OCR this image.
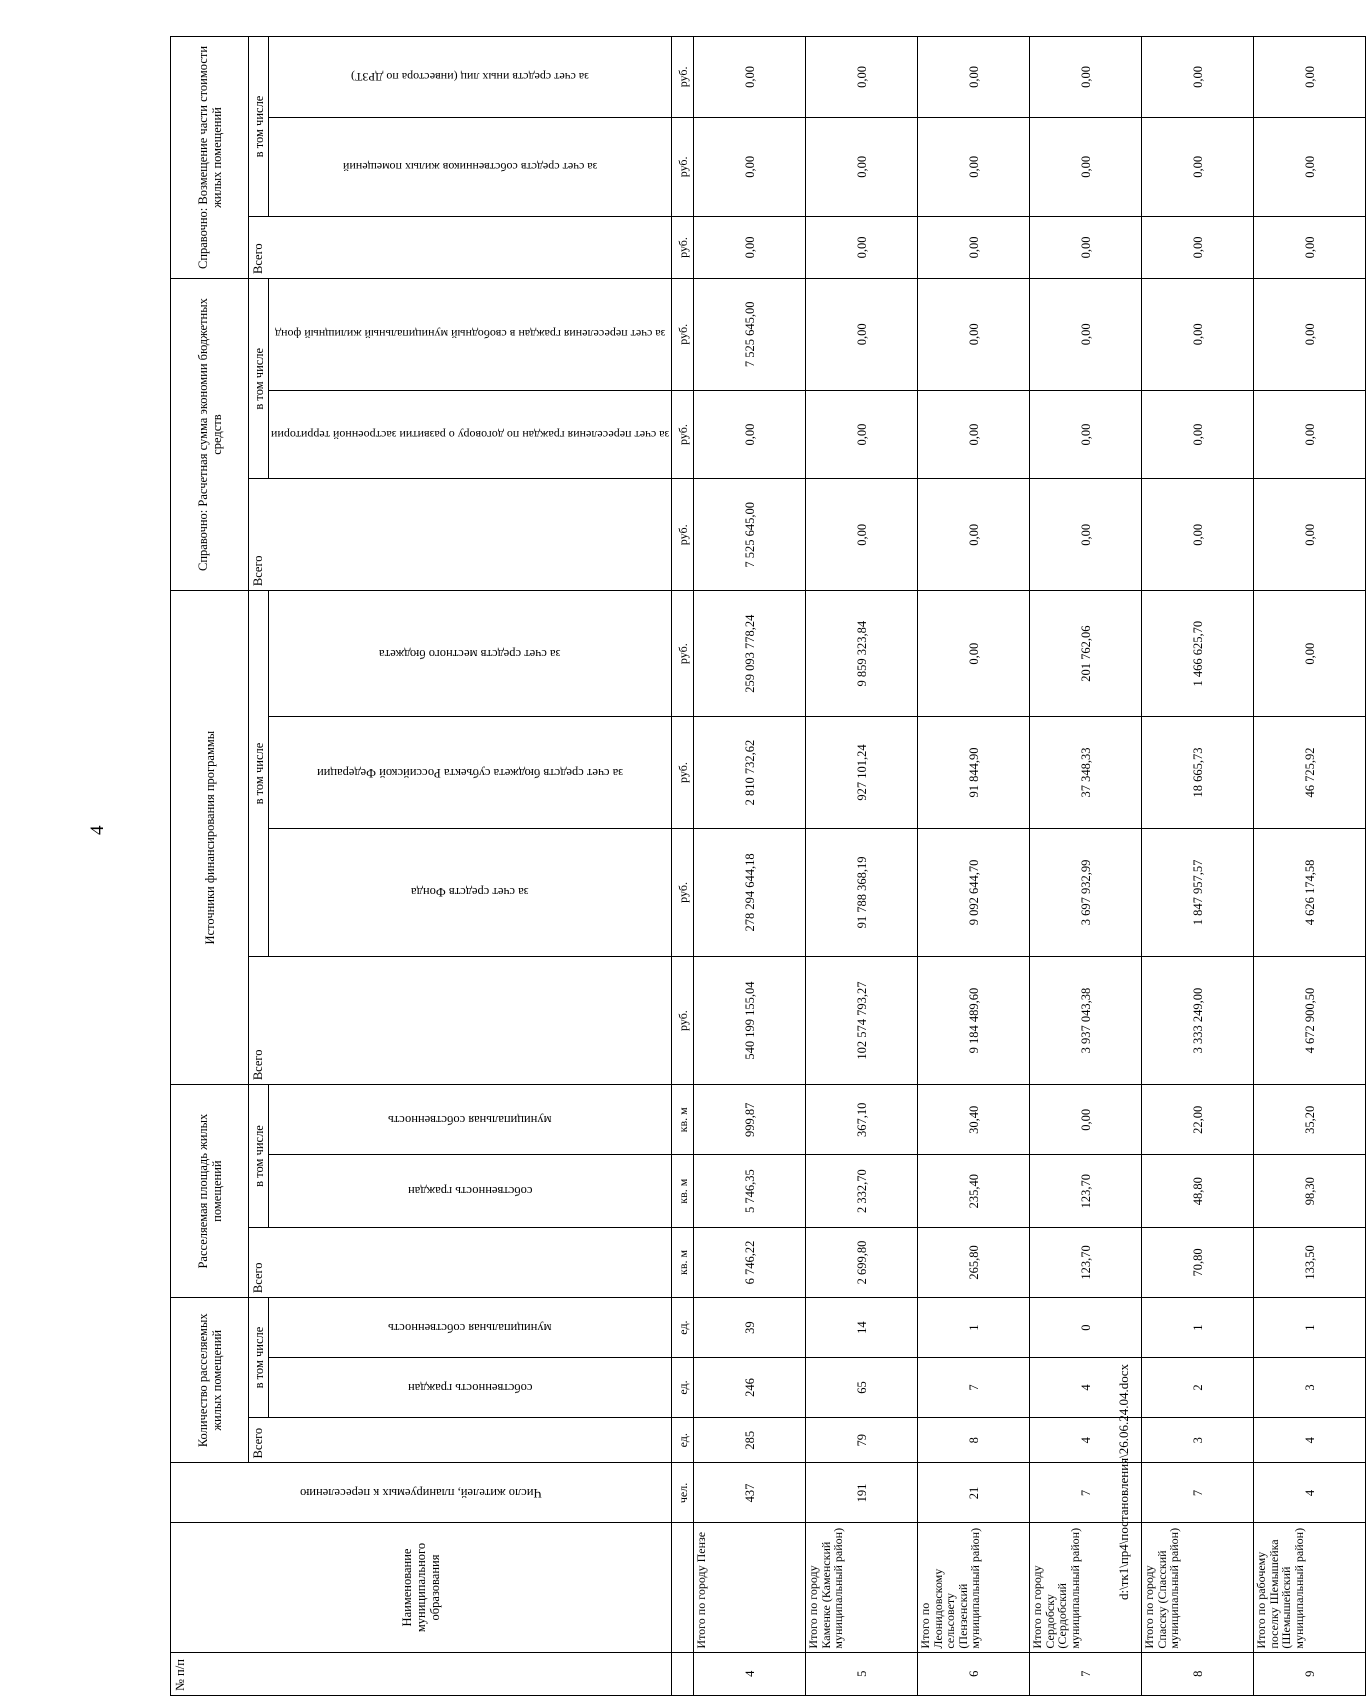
4
№ п/п	Наименование муниципального образования	Число жителей, планируемых к переселению	Количество расселяемых жилых помещений			Расселяемая площадь жилых помещений			Источники финансирования программы				Справочно: Расчетная сумма экономии бюджетных средств			Справочно: Возмещение части стоимости жилых помещений		
			Всего	в том числе		Всего	в том числе		Всего	в том числе			Всего	в том числе		Всего	в том числе	

				собственность граждан	муниципальная собственность		собственность граждан	муниципальная собственность		за счет средств Фонда	за счет средств бюджета субъекта Российской Федерации	за счет средств местного бюджета		за счет переселения граждан по договору о развитии застроенной территории	за счет переселения граждан в свободный муниципальный жилищный фонд		за счет средств собственников жилых помещений	за счет средств иных лиц (инвестора по ДРЗТ)

		чел.	ед.	ед.	ед.	кв. м	кв. м	кв. м	руб.	руб.	руб.	руб.	руб.	руб.	руб.	руб.	руб.	руб.
4	Итого по городу Пензе	437	285	246	39	6 746,22	5 746,35	999,87	540 199 155,04	278 294 644,18	2 810 732,62	259 093 778,24	7 525 645,00	0,00	7 525 645,00	0,00	0,00	0,00
5	Итого по городу Каменке (Каменский муниципальный район)	191	79	65	14	2 699,80	2 332,70	367,10	102 574 793,27	91 788 368,19	927 101,24	9 859 323,84	0,00	0,00	0,00	0,00	0,00	0,00
6	Итого по Леонидовскому сельсовету (Пензенский муниципальный район)	21	8	7	1	265,80	235,40	30,40	9 184 489,60	9 092 644,70	91 844,90	0,00	0,00	0,00	0,00	0,00	0,00	0,00
7	Итого по городу Сердобску (Сердобский муниципальный район)	7	4	4	0	123,70	123,70	0,00	3 937 043,38	3 697 932,99	37 348,33	201 762,06	0,00	0,00	0,00	0,00	0,00	0,00
8	Итого по городу Спасску (Спасский муниципальный район)	7	3	2	1	70,80	48,80	22,00	3 333 249,00	1 847 957,57	18 665,73	1 466 625,70	0,00	0,00	0,00	0,00	0,00	0,00
9	Итого по рабочему поселку Шемышейка (Шемышейский муниципальный район)	4	4	3	1	133,50	98,30	35,20	4 672 900,50	4 626 174,58	46 725,92	0,00	0,00	0,00	0,00	0,00	0,00	0,00
d:\тк1\пр4\постановления\26.06.24.04.docx
